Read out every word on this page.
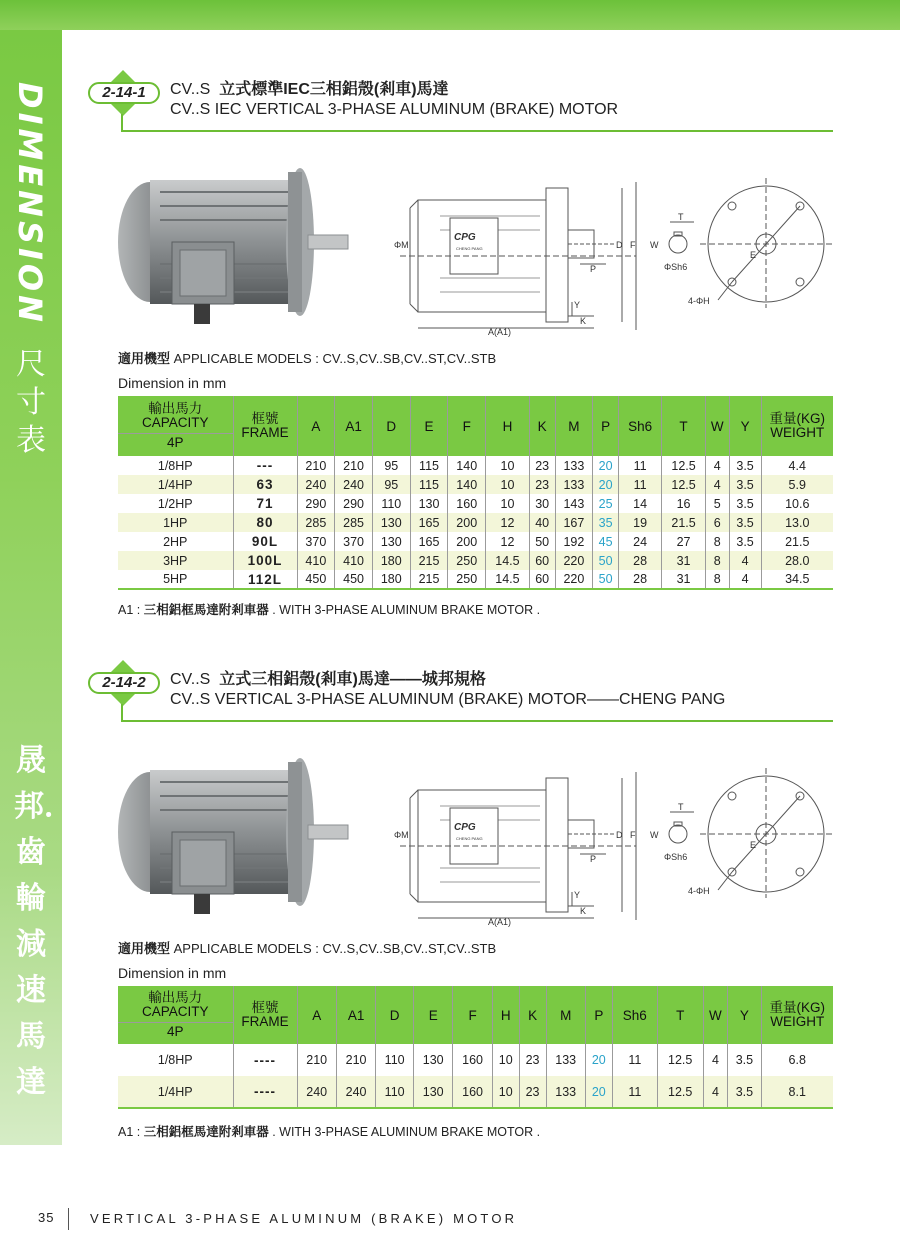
DIMENSION
尺寸表
晟邦．齒輪減速馬達
2-14-1	CV..S 立式標準IEC三相鋁殼(剎車)馬達
CV..S IEC VERTICAL 3-PHASE ALUMINUM (BRAKE) MOTOR
CPG
CHENG PANG
ΦM	D F
A(A1)
K
Y
P
T
W
ΦSh6
E
4-ΦH
適用機型 APPLICABLE MODELS : CV..S,CV..SB,CV..ST,CV..STB
Dimension in mm
輸出馬力
CAPACITY
4P	框號
FRAME	A	A1	D	E	F	H	K	M	P	Sh6	T	W	Y	重量(KG)
WEIGHT

1/8HP	---	210	210	95	115	140	10	23	133	20	11	12.5	4	3.5	4.4
1/4HP	63	240	240	95	115	140	10	23	133	20	11	12.5	4	3.5	5.9
1/2HP	71	290	290	110	130	160	10	30	143	25	14	16	5	3.5	10.6
1HP	80	285	285	130	165	200	12	40	167	35	19	21.5	6	3.5	13.0
2HP	90L	370	370	130	165	200	12	50	192	45	24	27	8	3.5	21.5
3HP	100L	410	410	180	215	250	14.5	60	220	50	28	31	8	4	28.0
5HP	112L	450	450	180	215	250	14.5	60	220	50	28	31	8	4	34.5
A1 : 三相鋁框馬達附剎車器 . WITH 3-PHASE ALUMINUM BRAKE MOTOR .
2-14-2	CV..S 立式三相鋁殼(剎車)馬達——城邦規格
CV..S VERTICAL 3-PHASE ALUMINUM (BRAKE) MOTOR——CHENG PANG
CPG
CHENG PANG
ΦM	D F
A(A1)
K
Y
P
T
W
ΦSh6
E
4-ΦH
適用機型 APPLICABLE MODELS : CV..S,CV..SB,CV..ST,CV..STB
Dimension in mm
輸出馬力
CAPACITY
4P	框號
FRAME	A	A1	D	E	F	H	K	M	P	Sh6	T	W	Y	重量(KG)
WEIGHT

1/8HP	----	210	210	110	130	160	10	23	133	20	11	12.5	4	3.5	6.8
1/4HP	----	240	240	110	130	160	10	23	133	20	11	12.5	4	3.5	8.1
A1 : 三相鋁框馬達附剎車器 . WITH 3-PHASE ALUMINUM BRAKE MOTOR .
35	VERTICAL 3-PHASE ALUMINUM (BRAKE) MOTOR
